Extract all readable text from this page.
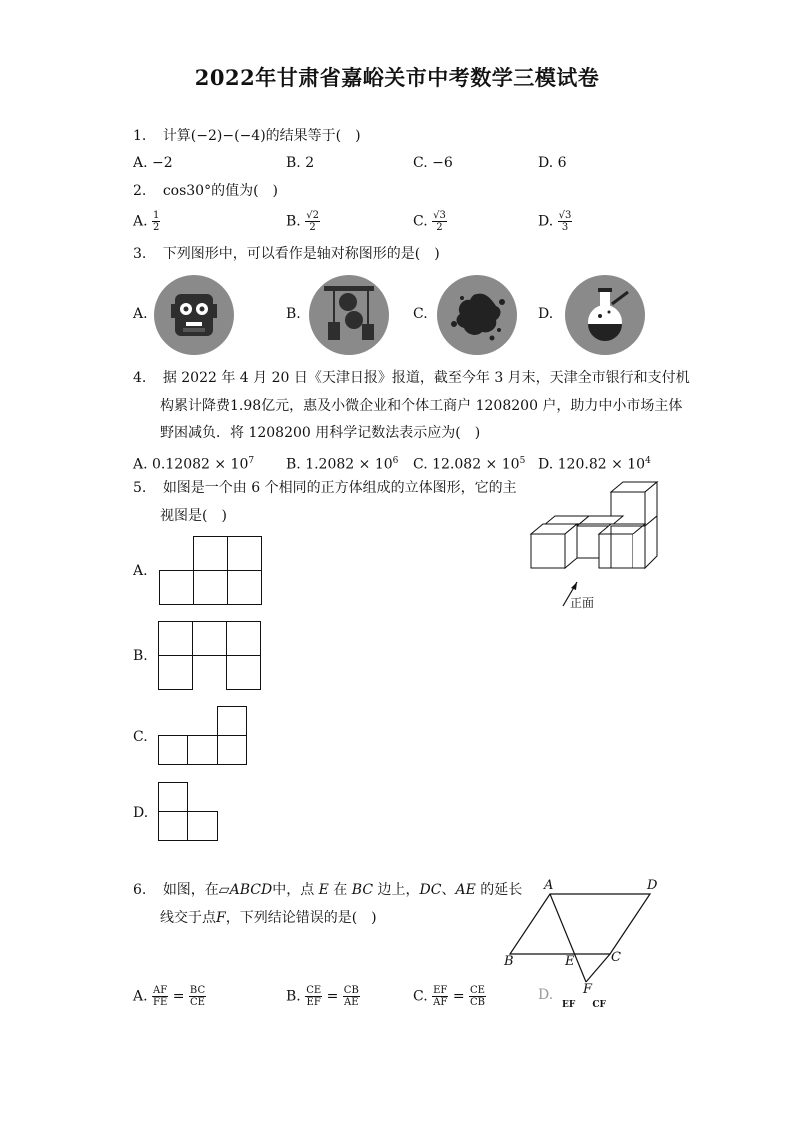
2022年甘肃省嘉峪关市中考数学三模试卷
1. 计算(−2)−(−4)的结果等于(　)
A. −2	B. 2	C. −6	D. 6
2. cos30°的值为(　)
A. $\frac{1}{2}$	B. $\frac{√2}{2}$	C. $\frac{√3}{2}$	D. $\frac{√3}{3}$
3. 下列图形中，可以看作是轴对称图形的是(　)
A.	B.	C.	D.
4. 据 2022 年 4 月 20 日《天津日报》报道，截至今年 3 月末，天津全市银行和支付机
构累计降费1.98亿元，惠及小微企业和个体工商户 1208200 户，助力中小市场主体
野困减负．将 1208200 用科学记数法表示应为(　)
A. $0.12082 \times 10^7$ B. $1.2082 \times 10^6$ C. $12.082 \times 10^5$ D. $120.82 \times 10^4$
5. 如图是一个由 6 个相同的正方体组成的立体图形，它的主
视图是(　)
正面
A.
B.
C.
D.
6. 如图，在▱ABCD中，点 E 在 BC 边上，DC、AE 的延长
线交于点F，下列结论错误的是(　)
A	D
B	E	C
F
A. $\frac{AF}{FE} = \frac{BC}{CE}$	B. $\frac{CE}{EF} = \frac{CB}{AE}$	C. $\frac{EF}{AF} = \frac{CE}{CB}$	D.
EF CF
